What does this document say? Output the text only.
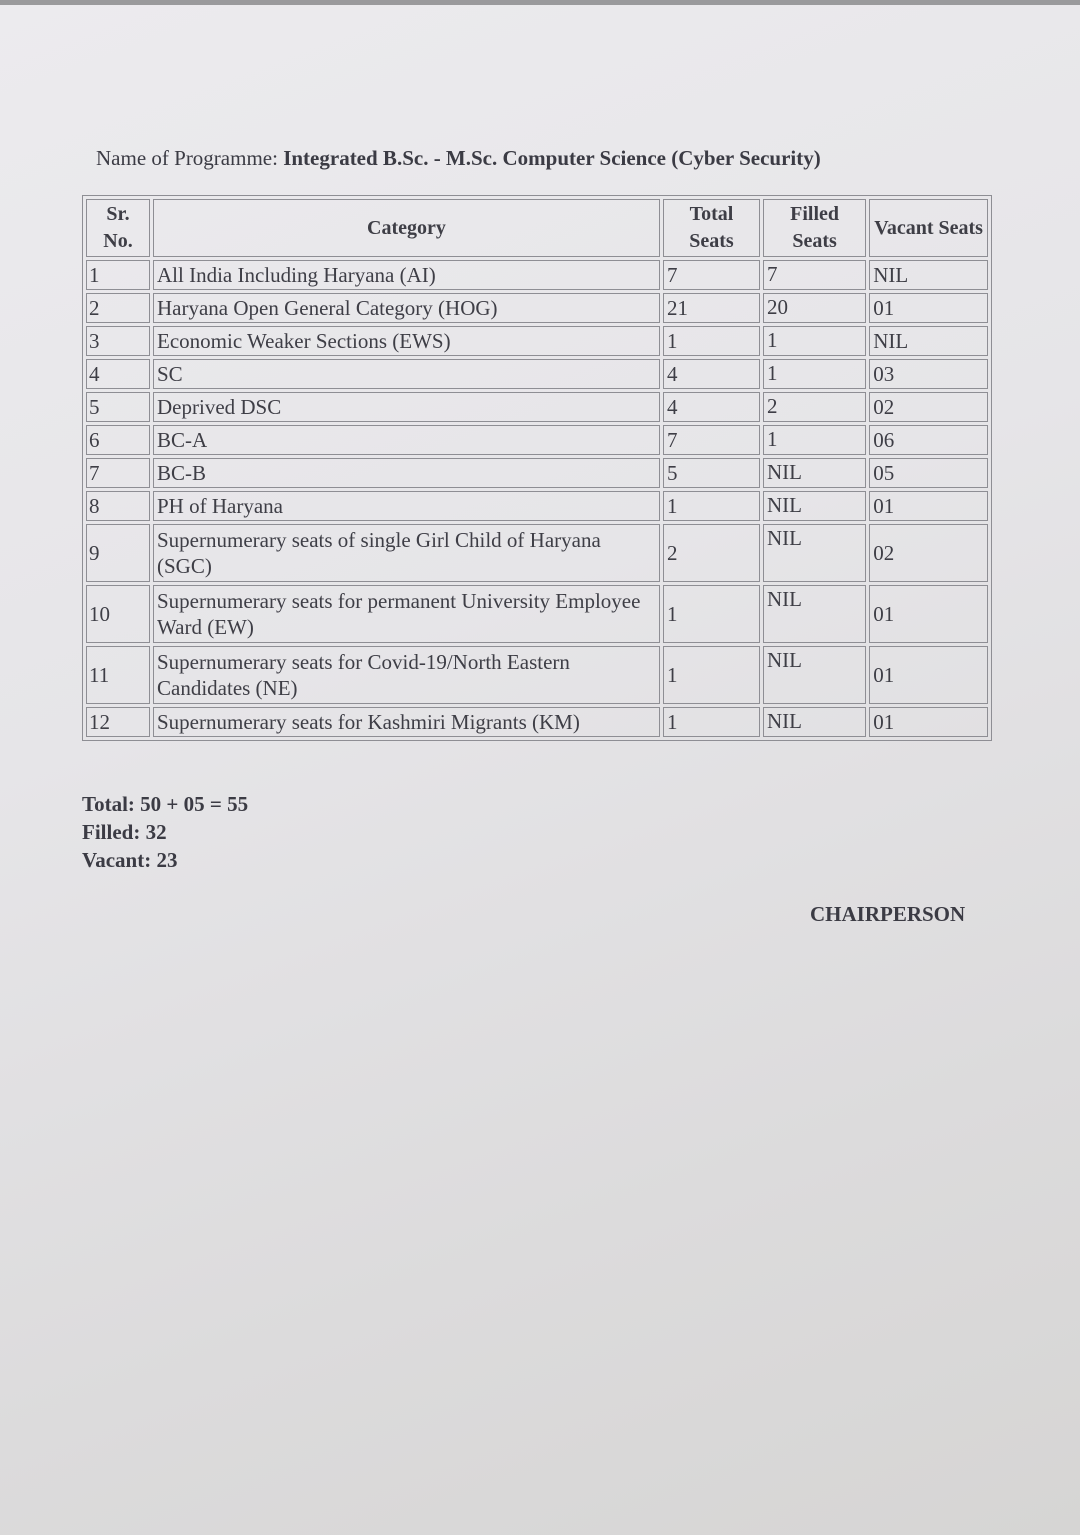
Name of Programme: Integrated B.Sc. - M.Sc. Computer Science (Cyber Security)
Sr. No.	Category	Total Seats	Filled Seats	Vacant Seats
1	All India Including Haryana (AI)	7	7	NIL
2	Haryana Open General Category (HOG)	21	20	01
3	Economic Weaker Sections (EWS)	1	1	NIL
4	SC	4	1	03
5	Deprived DSC	4	2	02
6	BC-A	7	1	06
7	BC-B	5	NIL	05
8	PH of Haryana	1	NIL	01
9	Supernumerary seats of single Girl Child of Haryana (SGC)	2	NIL	02
10	Supernumerary seats for permanent University Employee Ward (EW)	1	NIL	01
11	Supernumerary seats for Covid-19/North Eastern Candidates (NE)	1	NIL	01
12	Supernumerary seats for Kashmiri Migrants (KM)	1	NIL	01
Total: 50 + 05 = 55
Filled: 32
Vacant: 23
CHAIRPERSON
